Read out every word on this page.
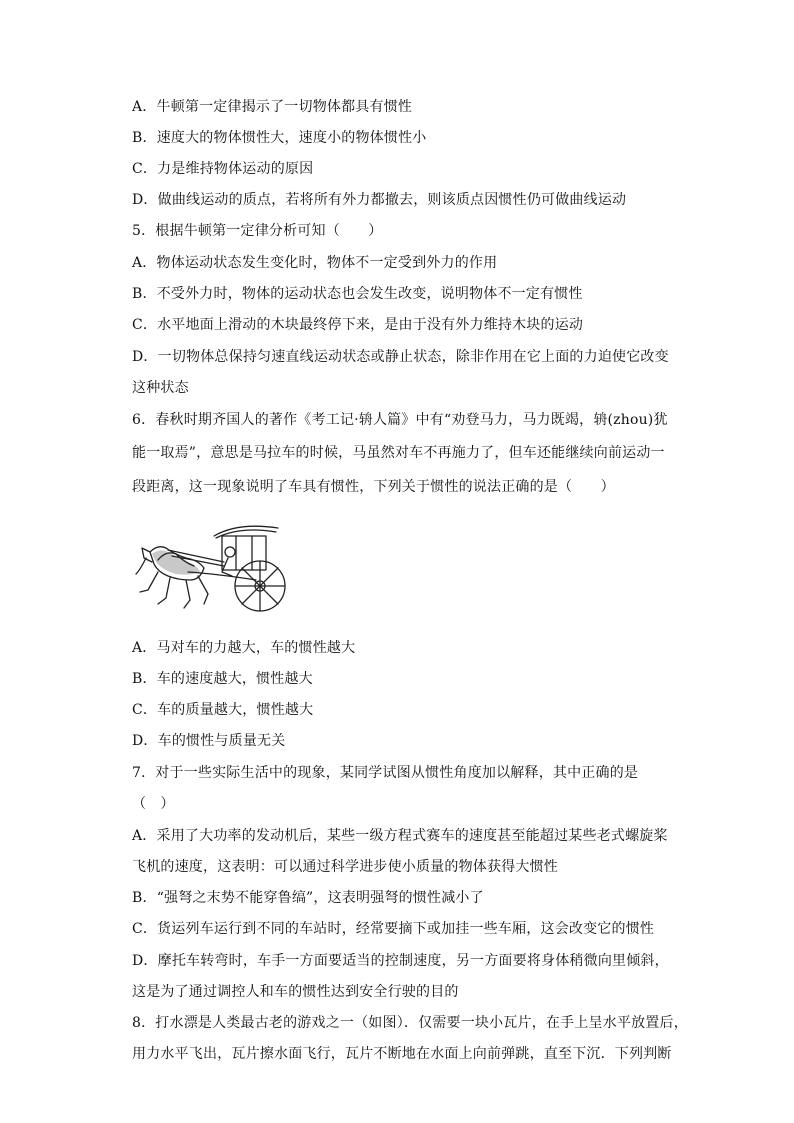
A．牛顿第一定律揭示了一切物体都具有惯性
B．速度大的物体惯性大，速度小的物体惯性小
C．力是维持物体运动的原因
D．做曲线运动的质点，若将所有外力都撤去，则该质点因惯性仍可做曲线运动
5．根据牛顿第一定律分析可知（　　）
A．物体运动状态发生变化时，物体不一定受到外力的作用
B．不受外力时，物体的运动状态也会发生改变，说明物体不一定有惯性
C．水平地面上滑动的木块最终停下来，是由于没有外力维持木块的运动
D．一切物体总保持匀速直线运动状态或静止状态，除非作用在它上面的力迫使它改变
这种状态
6．春秋时期齐国人的著作《考工记·辀人篇》中有“劝登马力，马力既竭，辀(zhou)犹
能一取焉”，意思是马拉车的时候，马虽然对车不再施力了，但车还能继续向前运动一
段距离，这一现象说明了车具有惯性，下列关于惯性的说法正确的是（　　）
A．马对车的力越大，车的惯性越大
B．车的速度越大，惯性越大
C．车的质量越大，惯性越大
D．车的惯性与质量无关
7．对于一些实际生活中的现象，某同学试图从惯性角度加以解释，其中正确的是
（　）
A．采用了大功率的发动机后，某些一级方程式赛车的速度甚至能超过某些老式螺旋桨
飞机的速度，这表明：可以通过科学进步使小质量的物体获得大惯性
B．“强弩之末势不能穿鲁缟”，这表明强弩的惯性减小了
C．货运列车运行到不同的车站时，经常要摘下或加挂一些车厢，这会改变它的惯性
D．摩托车转弯时，车手一方面要适当的控制速度，另一方面要将身体稍微向里倾斜，
这是为了通过调控人和车的惯性达到安全行驶的目的
8．打水漂是人类最古老的游戏之一（如图）．仅需要一块小瓦片，在手上呈水平放置后，
用力水平飞出，瓦片擦水面飞行，瓦片不断地在水面上向前弹跳，直至下沉．下列判断
